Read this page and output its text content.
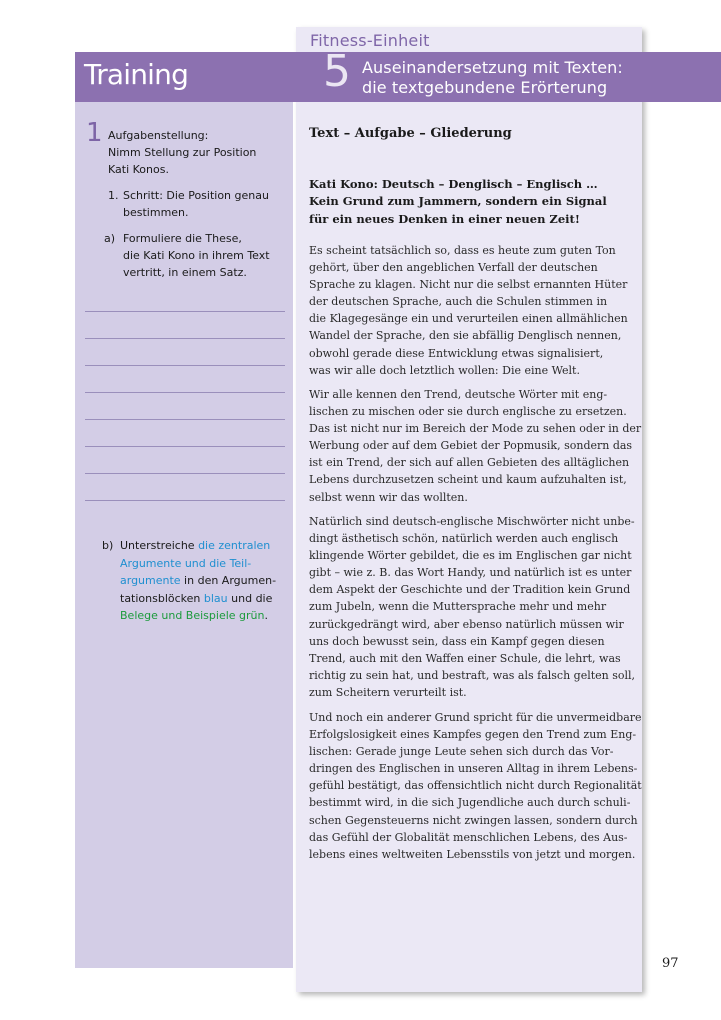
Fitness-Einheit
Training	5 Auseinandersetzung mit Texten:
die textgebundene Erörterung
1 Aufgabenstellung:
Nimm Stellung zur Position
Kati Konos.

1. Schritt: Die Position genau
bestimmen.

a) Formuliere die These,
die Kati Kono in ihrem Text
vertritt, in einem Satz.

b) Unterstreiche die zentralen
Argumente und die Teil-
argumente in den Argumen-
tationsblöcken blau und die
Belege und Beispiele grün.
Text – Aufgabe – Gliederung
Kati Kono: Deutsch – Denglisch – Englisch …
Kein Grund zum Jammern, sondern ein Signal
für ein neues Denken in einer neuen Zeit!
Es scheint tatsächlich so, dass es heute zum guten Ton
gehört, über den angeblichen Verfall der deutschen
Sprache zu klagen. Nicht nur die selbst ernannten Hüter
der deutschen Sprache, auch die Schulen stimmen in
die Klagegesänge ein und verurteilen einen allmählichen
Wandel der Sprache, den sie abfällig Denglisch nennen,
obwohl gerade diese Entwicklung etwas signalisiert,
was wir alle doch letztlich wollen: Die eine Welt.
Wir alle kennen den Trend, deutsche Wörter mit eng-
lischen zu mischen oder sie durch englische zu ersetzen.
Das ist nicht nur im Bereich der Mode zu sehen oder in der
Werbung oder auf dem Gebiet der Popmusik, sondern das
ist ein Trend, der sich auf allen Gebieten des alltäglichen
Lebens durchzusetzen scheint und kaum aufzuhalten ist,
selbst wenn wir das wollten.
Natürlich sind deutsch-englische Mischwörter nicht unbe-
dingt ästhetisch schön, natürlich werden auch englisch
klingende Wörter gebildet, die es im Englischen gar nicht
gibt – wie z. B. das Wort Handy, und natürlich ist es unter
dem Aspekt der Geschichte und der Tradition kein Grund
zum Jubeln, wenn die Muttersprache mehr und mehr
zurückgedrängt wird, aber ebenso natürlich müssen wir
uns doch bewusst sein, dass ein Kampf gegen diesen
Trend, auch mit den Waffen einer Schule, die lehrt, was
richtig zu sein hat, und bestraft, was als falsch gelten soll,
zum Scheitern verurteilt ist.
Und noch ein anderer Grund spricht für die unvermeidbare
Erfolgslosigkeit eines Kampfes gegen den Trend zum Eng-
lischen: Gerade junge Leute sehen sich durch das Vor-
dringen des Englischen in unseren Alltag in ihrem Lebens-
gefühl bestätigt, das offensichtlich nicht durch Regionalität
bestimmt wird, in die sich Jugendliche auch durch schuli-
schen Gegensteuerns nicht zwingen lassen, sondern durch
das Gefühl der Globalität menschlichen Lebens, des Aus-
lebens eines weltweiten Lebensstils von jetzt und morgen.
97
